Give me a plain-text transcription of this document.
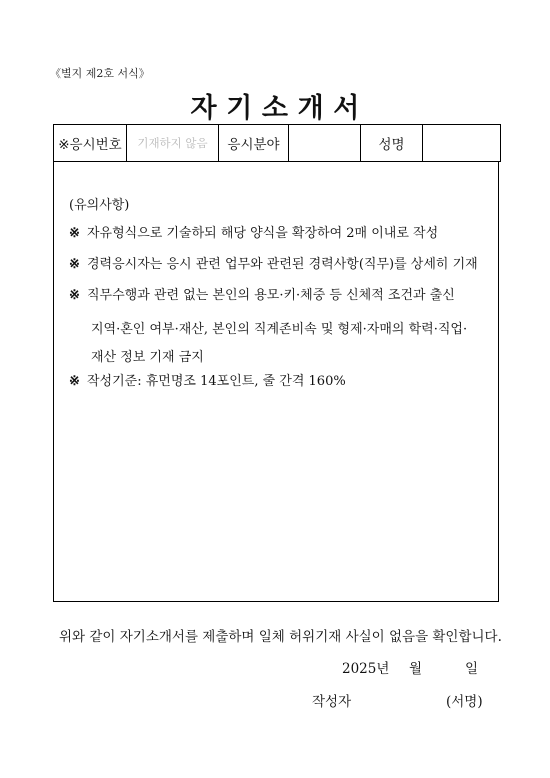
《별지 제2호 서식》
자 기 소 개 서
※응시번호	기재하지 않음	응시분야		성명	
(유의사항)
※ 자유형식으로 기술하되 해당 양식을 확장하여 2매 이내로 작성
※ 경력응시자는 응시 관련 업무와 관련된 경력사항(직무)를 상세히 기재
※ 직무수행과 관련 없는 본인의 용모·키·체중 등 신체적 조건과 출신
지역·혼인 여부·재산, 본인의 직계존비속 및 형제·자매의 학력·직업·
재산 정보 기재 금지
※ 작성기준: 휴먼명조 14포인트, 줄 간격 160%
위와 같이 자기소개서를 제출하며 일체 허위기재 사실이 없음을 확인합니다.
2025년 월	일
작성자	(서명)
